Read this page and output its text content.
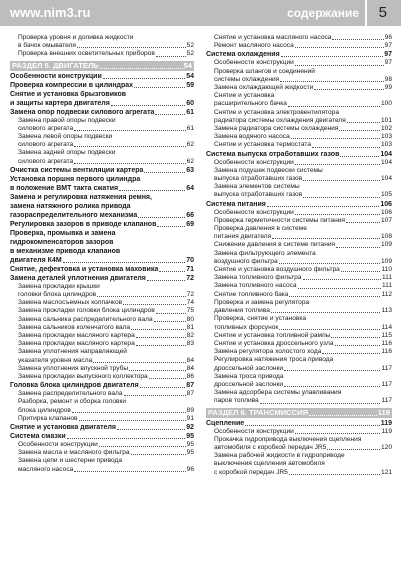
www.nim3.ru	содержание 5
Проверка уровня и доливка жидкости
в бачок омывателя	52
Проверка внешних осветительных приборов	52
РАЗДЕЛ 5. ДВИГАТЕЛЬ	54
Особенности конструкции	54
Проверка компрессии в цилиндрах	59
Снятие и установка брызговиков
и защиты картера двигателя	60
Замена опор подвески силового агрегата	61
Замена правой опоры подвески
силового агрегата	61
Замена левой опоры подвески
силового агрегата	62
Замена задней опоры подвески
силового агрегата	62
Очистка системы вентиляции картера	63
Установка поршня первого цилиндра
в положение ВМТ такта сжатия	64
Замена и регулировка натяжения ремня,
замена натяжного ролика привода
газораспределительного механизма	66
Регулировка зазоров в приводе клапанов	69
Проверка, промывка и замена
гидрокомпенсаторов зазоров
в механизме привода клапанов
двигателя К4М	70
Снятие, дефектовка и установка маховика	71
Замена деталей уплотнения двигателя	72
Замена прокладки крышки
головки блока цилиндров	72
Замена маслосъемных колпачков	74
Замена прокладки головки блока цилиндров	75
Замена сальника распределительного вала	80
Замена сальников коленчатого вала	81
Замена прокладки масляного картера	82
Замена прокладки масляного картера	83
Замена уплотнения направляющей
указателя уровня масла	84
Замена уплотнения впускной трубы	84
Замена прокладки выпускного коллектора	86
Головка блока цилиндров двигателя	87
Замена распределительного вала	87
Разборка, ремонт и сборка головки
блока цилиндров	89
Притирка клапанов	91
Снятие и установка двигателя	92
Система смазки	95
Особенности конструкции	95
Замена масла и масляного фильтра	95
Замена цепи и шестерни привода
масляного насоса	96
Снятие и установка масляного насоса	96
Ремонт масляного насоса	97
Система охлаждения	97
Особенности конструкции	97
Проверка шлангов и соединений
системы охлаждения	98
Замена охлаждающей жидкости	99
Снятие и установка
расширительного бачка	100
Снятие и установка электровентилятора
радиатора системы охлаждения двигателя	101
Замена радиатора системы охлаждения	102
Замена водяного насоса	103
Снятие и установка термостата	103
Система выпуска отработавших газов	104
Особенности конструкции	104
Замена подушек подвески системы
выпуска отработавших газов	104
Замена элементов системы
выпуска отработавших газов	105
Система питания	106
Особенности конструкции	106
Проверка герметичности системы питания	107
Проверка давления в системе
питания двигателя	108
Снижение давления в системе питания	109
Замена фильтрующего элемента
воздушного фильтра	109
Снятие и установка воздушного фильтра	110
Замена топливного фильтра	111
Замена топливного насоса	111
Снятие топливного бака	112
Проверка и замена регулятора
давления топлива	113
Проверка, снятие и установка
топливных форсунок	114
Снятие и установка топливной рампы	115
Снятие и установка дроссельного узла	116
Замена регулятора холостого хода	116
Регулировка натяжения троса привода
дроссельной заслонки	117
Замена троса привода
дроссельной заслонки	117
Замена адсорбера системы улавливания
паров топлива	117
РАЗДЕЛ 6. ТРАНСМИССИЯ	119
Сцепление	119
Особенности конструкции	119
Прокачка гидропривода выключения сцепления
автомобиля с коробкой передач JR5	120
Замена рабочей жидкости в гидроприводе
выключения сцепления автомобиля
с коробкой передач JR5	121
